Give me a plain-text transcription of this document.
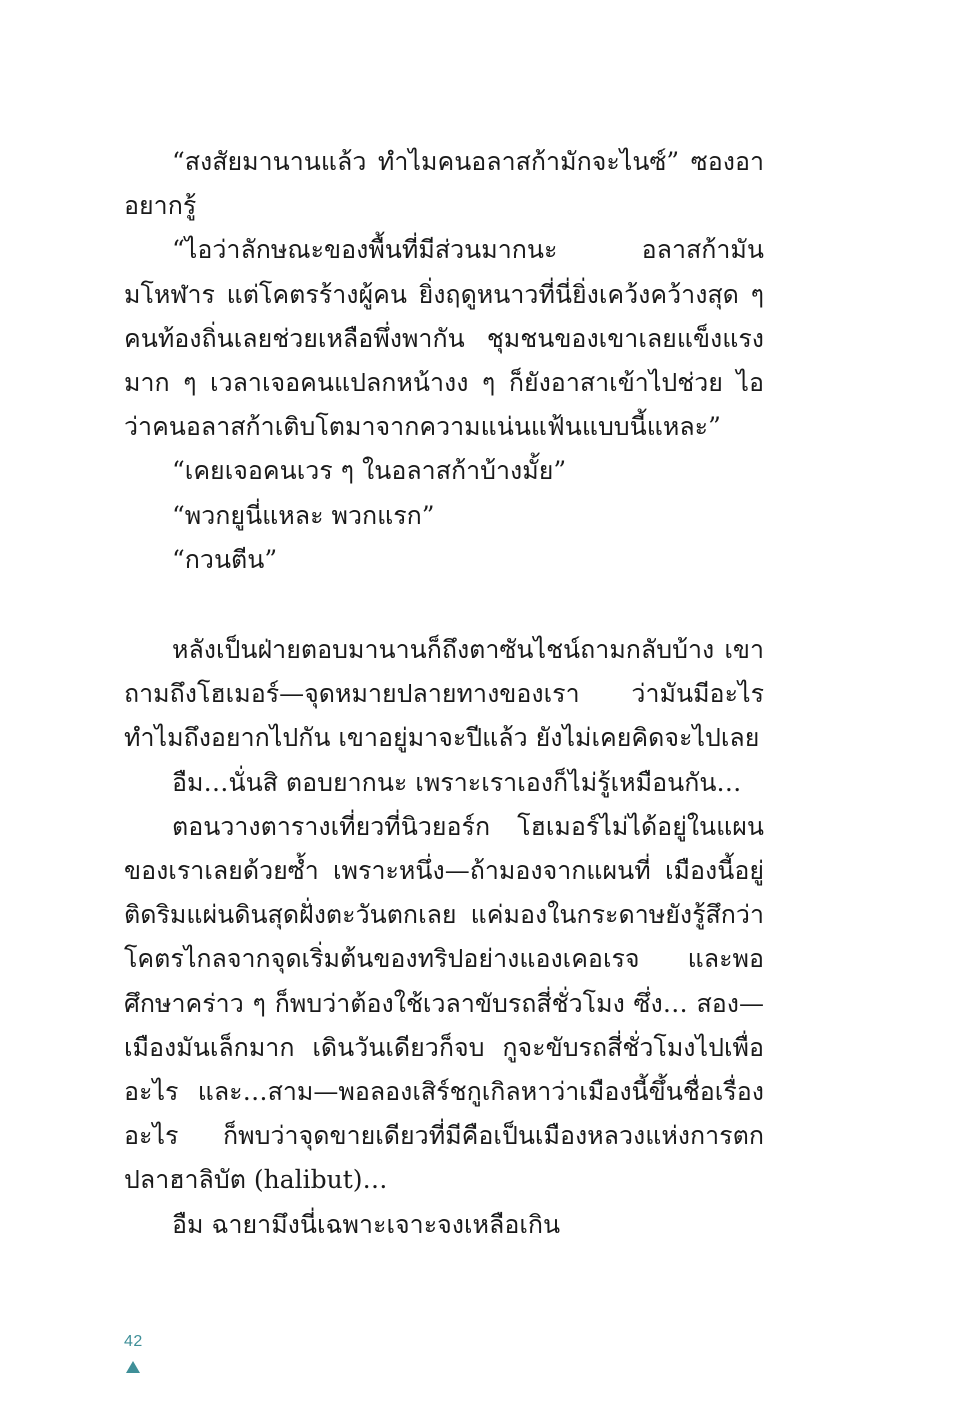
“สงสัยมานานแล้ว ทำไมคนอลาสก้ามักจะไนซ์” ซองอาอยากรู้

“ไอว่าลักษณะของพื้นที่มีส่วนมากนะ อลาสก้ามันมโหฬาร แต่โคตรร้างผู้คน ยิ่งฤดูหนาวที่นี่ยิ่งเคว้งคว้างสุด ๆ คนท้องถิ่นเลยช่วยเหลือพึ่งพากัน ชุมชนของเขาเลยแข็งแรงมาก ๆ เวลาเจอคนแปลกหน้างง ๆ ก็ยังอาสาเข้าไปช่วย ไอว่าคนอลาสก้าเติบโตมาจากความแน่นแฟ้นแบบนี้แหละ”

“เคยเจอคนเวร ๆ ในอลาสก้าบ้างมั้ย”

“พวกยูนี่แหละ พวกแรก”

“กวนตีน”

หลังเป็นฝ่ายตอบมานานก็ถึงตาซันไชน์ถามกลับบ้าง เขาถามถึงโฮเมอร์—จุดหมายปลายทางของเรา ว่ามันมีอะไร ทำไมถึงอยากไปกัน เขาอยู่มาจะปีแล้ว ยังไม่เคยคิดจะไปเลย

อืม…นั่นสิ ตอบยากนะ เพราะเราเองก็ไม่รู้เหมือนกัน…

ตอนวางตารางเที่ยวที่นิวยอร์ก โฮเมอร์ไม่ได้อยู่ในแผนของเราเลยด้วยซ้ำ เพราะหนึ่ง—ถ้ามองจากแผนที่ เมืองนี้อยู่ติดริมแผ่นดินสุดฝั่งตะวันตกเลย แค่มองในกระดาษยังรู้สึกว่าโคตรไกลจากจุดเริ่มต้นของทริปอย่างแองเคอเรจ และพอศึกษาคร่าว ๆ ก็พบว่าต้องใช้เวลาขับรถสี่ชั่วโมง ซึ่ง… สอง—เมืองมันเล็กมาก เดินวันเดียวก็จบ กูจะขับรถสี่ชั่วโมงไปเพื่ออะไร และ…สาม—พอลองเสิร์ชกูเกิลหาว่าเมืองนี้ขึ้นชื่อเรื่องอะไร ก็พบว่าจุดขายเดียวที่มีคือเป็นเมืองหลวงแห่งการตกปลาฮาลิบัต (halibut)…

อืม ฉายามึงนี่เฉพาะเจาะจงเหลือเกิน

42
